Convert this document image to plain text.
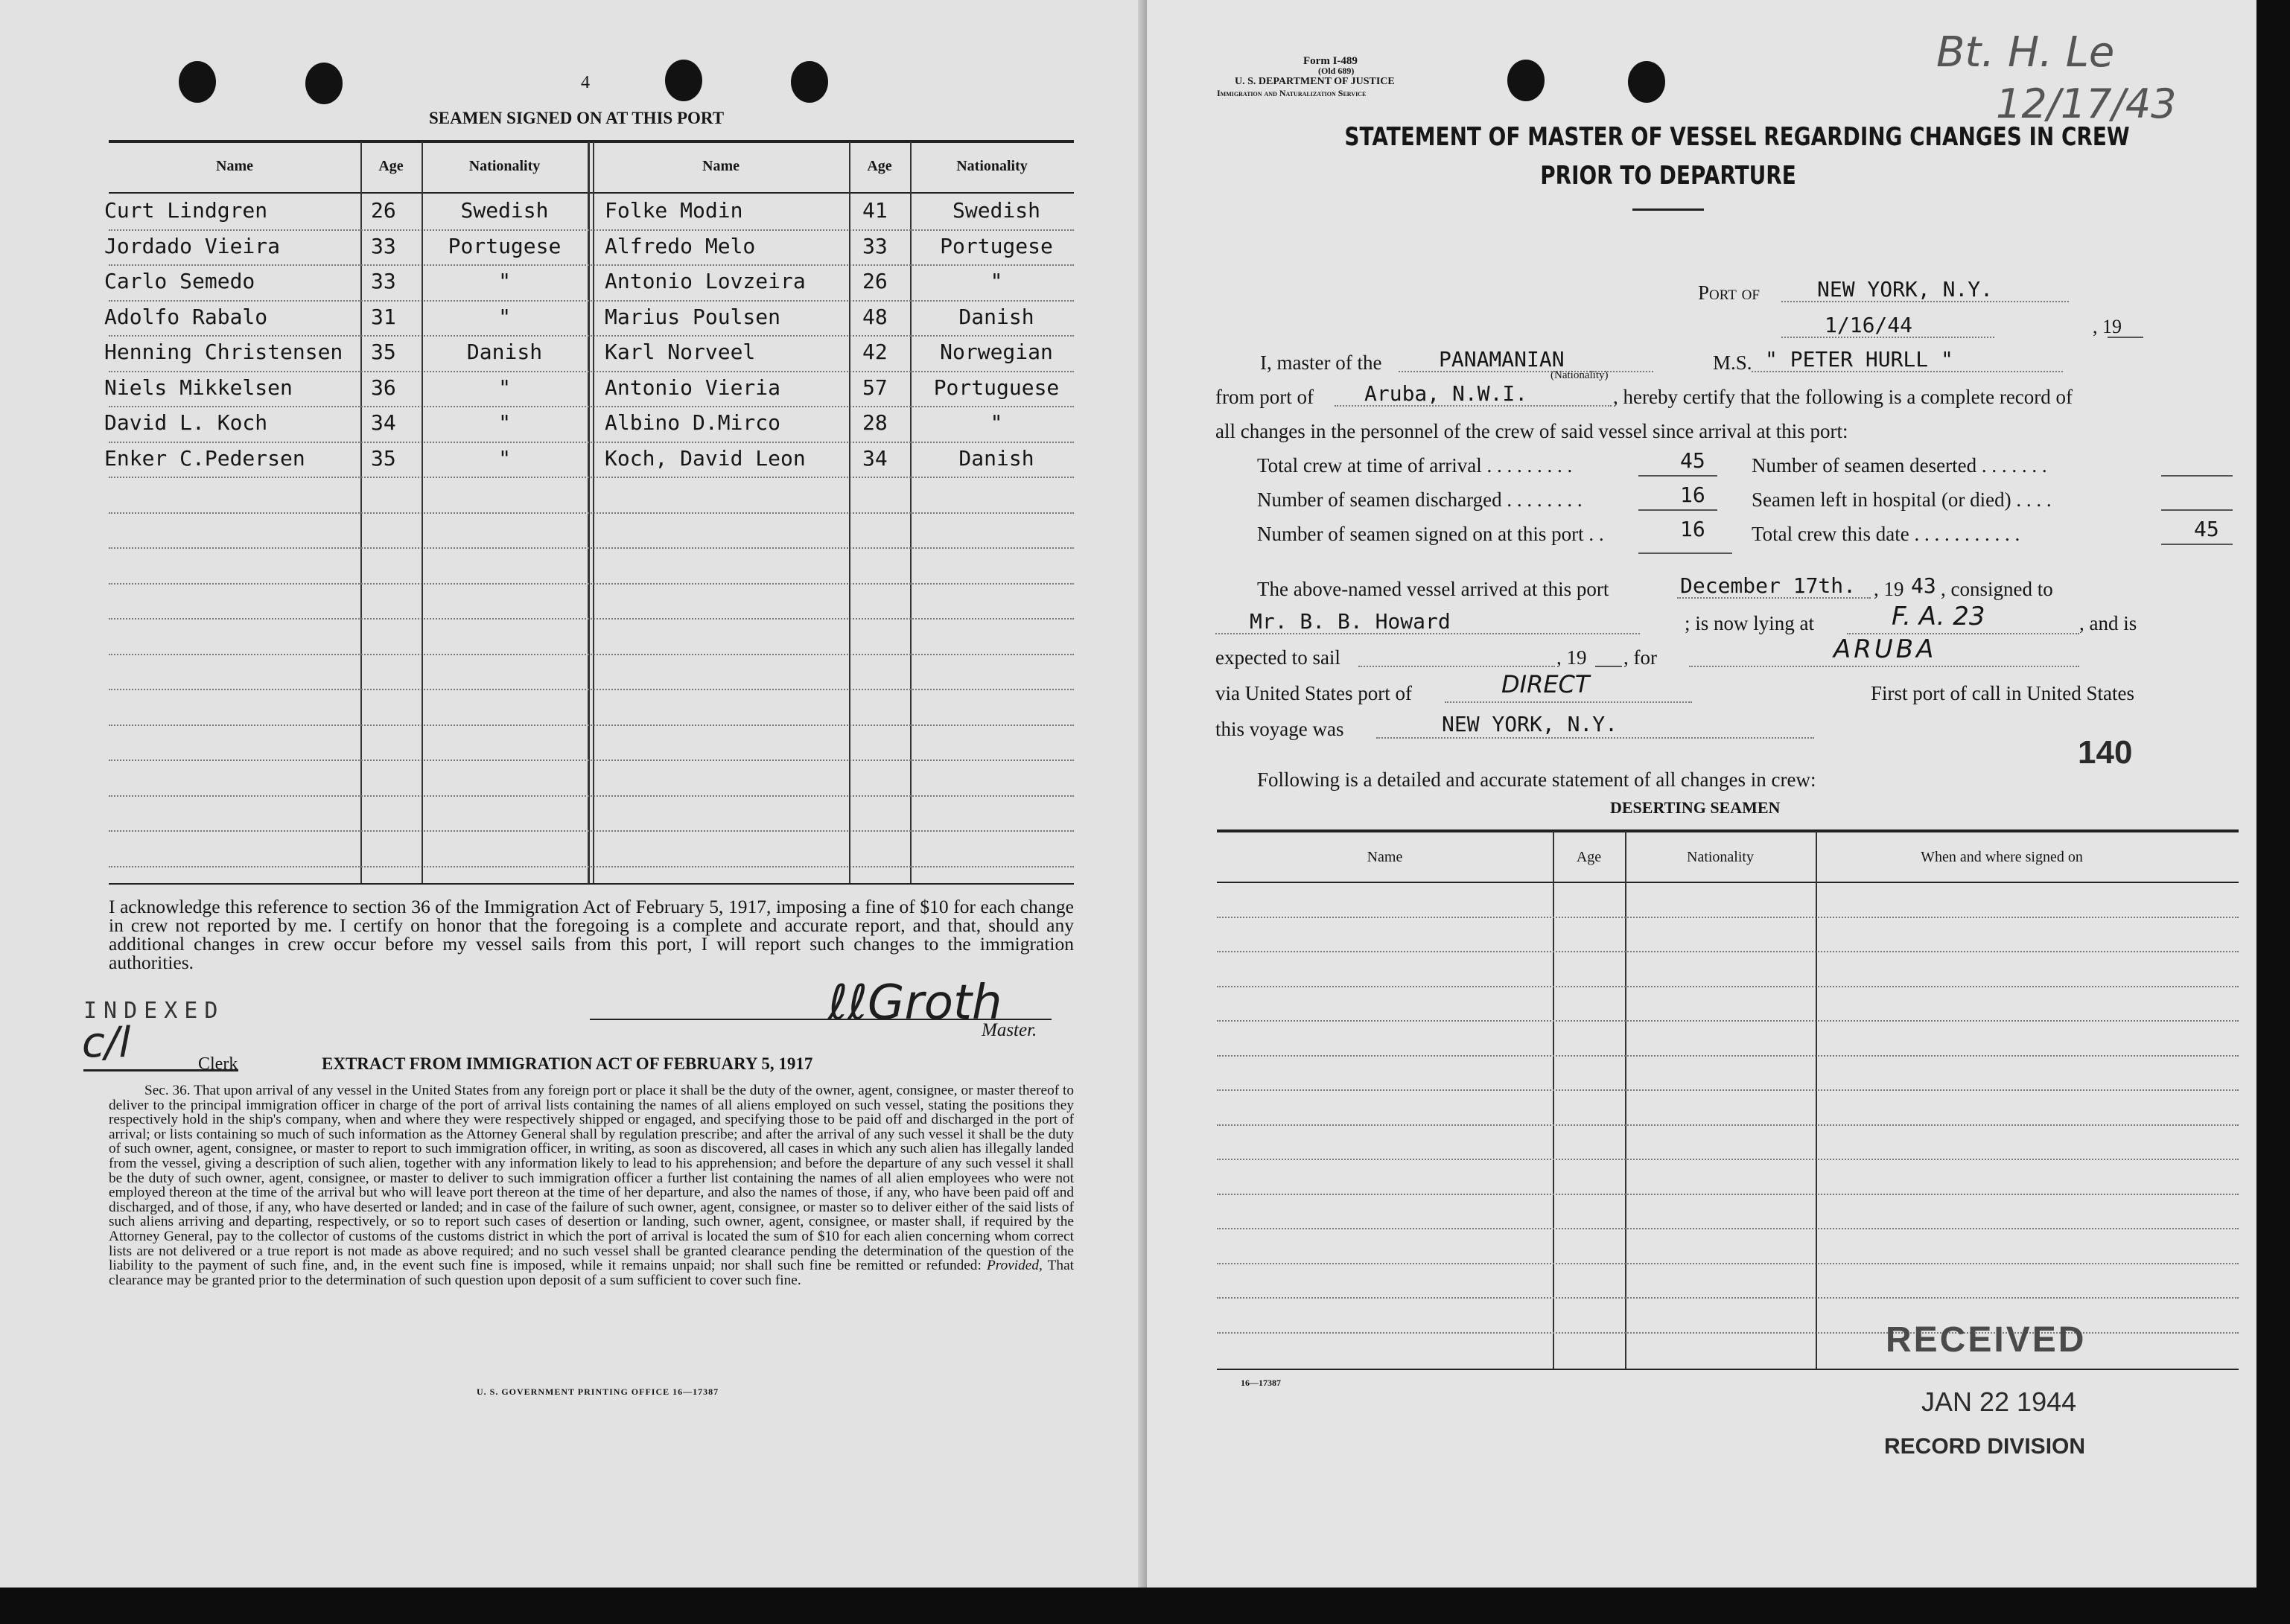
4
SEAMEN SIGNED ON AT THIS PORT
Name	Age	Nationality	Name	Age	Nationality
Curt Lindgren	26	Swedish	Folke Modin	41	Swedish
Jordado Vieira	33	Portugese	Alfredo Melo	33	Portugese
Carlo Semedo	33	"	Antonio Lovzeira	26	"
Adolfo Rabalo	31	"	Marius Poulsen	48	Danish
Henning Christensen	35	Danish	Karl Norveel	42	Norwegian
Niels Mikkelsen	36	"	Antonio Vieria	57	Portuguese
David L. Koch	34	"	Albino D.Mirco	28	"
Enker C.Pedersen	35	"	Koch, David Leon	34	Danish
I acknowledge this reference to section 36 of the Immigration Act of February 5, 1917, imposing a fine of $10 for each change in crew not reported by me. I certify on honor that the foregoing is a complete and accurate report, and that, should any additional changes in crew occur before my vessel sails from this port, I will report such changes to the immigration authorities.
INDEXED
c/l	Clerk
ℓℓGroth
Master.
EXTRACT FROM IMMIGRATION ACT OF FEBRUARY 5, 1917
Sec. 36. That upon arrival of any vessel in the United States from any foreign port or place it shall be the duty of the owner, agent, consignee, or master thereof to deliver to the principal immigration officer in charge of the port of arrival lists containing the names of all aliens employed on such vessel, stating the positions they respectively hold in the ship's company, when and where they were respectively shipped or engaged, and specifying those to be paid off and discharged in the port of arrival; or lists containing so much of such information as the Attorney General shall by regulation prescribe; and after the arrival of any such vessel it shall be the duty of such owner, agent, consignee, or master to report to such immigration officer, in writing, as soon as discovered, all cases in which any such alien has illegally landed from the vessel, giving a description of such alien, together with any information likely to lead to his apprehension; and before the departure of any such vessel it shall be the duty of such owner, agent, consignee, or master to deliver to such immigration officer a further list containing the names of all alien employees who were not employed thereon at the time of the arrival but who will leave port thereon at the time of her departure, and also the names of those, if any, who have been paid off and discharged, and of those, if any, who have deserted or landed; and in case of the failure of such owner, agent, consignee, or master so to deliver either of the said lists of such aliens arriving and departing, respectively, or so to report such cases of desertion or landing, such owner, agent, consignee, or master shall, if required by the Attorney General, pay to the collector of customs of the customs district in which the port of arrival is located the sum of $10 for each alien concerning whom correct lists are not delivered or a true report is not made as above required; and no such vessel shall be granted clearance pending the determination of the question of the liability to the payment of such fine, and, in the event such fine is imposed, while it remains unpaid; nor shall such fine be remitted or refunded: Provided, That clearance may be granted prior to the determination of such question upon deposit of a sum sufficient to cover such fine.
U. S. GOVERNMENT PRINTING OFFICE 16—17387
Form I-489
(Old 689)
U. S. DEPARTMENT OF JUSTICE
Immigration and Naturalization Service
Bt. H. Le
12/17/43
STATEMENT OF MASTER OF VESSEL REGARDING CHANGES IN CREW
PRIOR TO DEPARTURE
Port of	NEW YORK, N.Y.
1/16/44	, 19
I, master of the	PANAMANIAN
(Nationality)
M.S. " PETER HURLL "
from port of Aruba, N.W.I.	, hereby certify that the following is a complete record of
all changes in the personnel of the crew of said vessel since arrival at this port:
Total crew at time of arrival . . . . . . . . .	45 Number of seamen deserted . . . . . . .
Number of seamen discharged . . . . . . . .	16 Seamen left in hospital (or died) . . . .
Number of seamen signed on at this port . .	16 Total crew this date . . . . . . . . . . .	45
The above-named vessel arrived at this port	December 17th. , 19 43 , consigned to
Mr. B. B. Howard	; is now lying at	F. A. 23	, and is
expected to sail	, 19 , for	ARUBA
via United States port of	DIRECT	First port of call in United States
this voyage was	NEW YORK, N.Y.
140
Following is a detailed and accurate statement of all changes in crew:
DESERTING SEAMEN
Name	Age	Nationality	When and where signed on
16—17387
RECEIVED
JAN 22 1944
RECORD DIVISION
